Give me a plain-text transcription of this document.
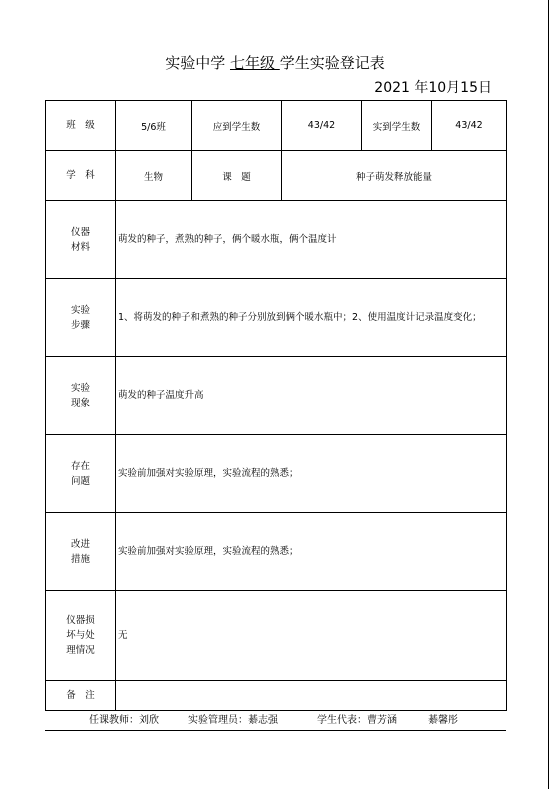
实验中学 七年级 学生实验登记表
2021 年10月15日
班　级	5/6班	应到学生数	43/42	实到学生数	43/42
学　科	生物	课　题	种子萌发释放能量		
仪器
材料	萌发的种子，煮熟的种子，俩个暖水瓶，俩个温度计				
实验
步骤	1、将萌发的种子和煮熟的种子分别放到俩个暖水瓶中；2、使用温度计记录温度变化；				
实验
现象	萌发的种子温度升高				
存在
问题	实验前加强对实验原理，实验流程的熟悉；				
改进
措施	实验前加强对实验原理，实验流程的熟悉；				
仪器损
坏与处
理情况	无				
备　注					
任课教师：刘欣	实验管理员：綦志强	学生代表：曹芳涵	綦馨彤
